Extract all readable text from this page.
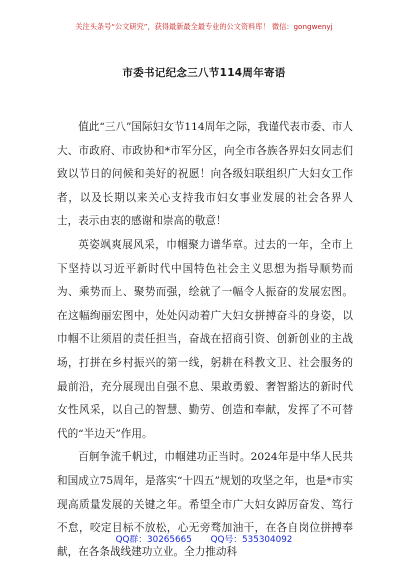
关注头条号“公文研究”，获得最新最全最专业的公文资料库！ 微信：gongwenyj
市委书记纪念三八节114周年寄语

值此“三八”国际妇女节114周年之际，我谨代表市委、市人大、市政府、市政协和*市军分区，向全市各族各界妇女同志们致以节日的问候和美好的祝愿！向各级妇联组织广大妇女工作者，以及长期以来关心支持我市妇女事业发展的社会各界人士，表示由衷的感谢和崇高的敬意！

英姿飒爽展风采，巾帼聚力谱华章。过去的一年，全市上下坚持以习近平新时代中国特色社会主义思想为指导顺势而为、乘势而上、聚势而强，绘就了一幅令人振奋的发展宏图。在这幅绚丽宏图中，处处闪动着广大妇女拼搏奋斗的身姿，以巾帼不让须眉的责任担当，奋战在招商引资、创新创业的主战场，打拼在乡村振兴的第一线，躬耕在科教文卫、社会服务的最前沿，充分展现出自强不息、果敢勇毅、奢智豁达的新时代女性风采，以自己的智慧、勤劳、创造和奉献，发挥了不可替代的“半边天”作用。

百舸争流千帆过，巾帼建功正当时。2024年是中华人民共和国成立75周年，是落实“十四五”规划的攻坚之年，也是*市实现高质量发展的关键之年。希望全市广大妇女踔厉奋发、笃行不怠，咬定目标不放松，心无旁骛加油干，在各自岗位拼搏奉献，在各条战线建功立业。全力推动科

QQ群：30265665 QQ号：535304092
